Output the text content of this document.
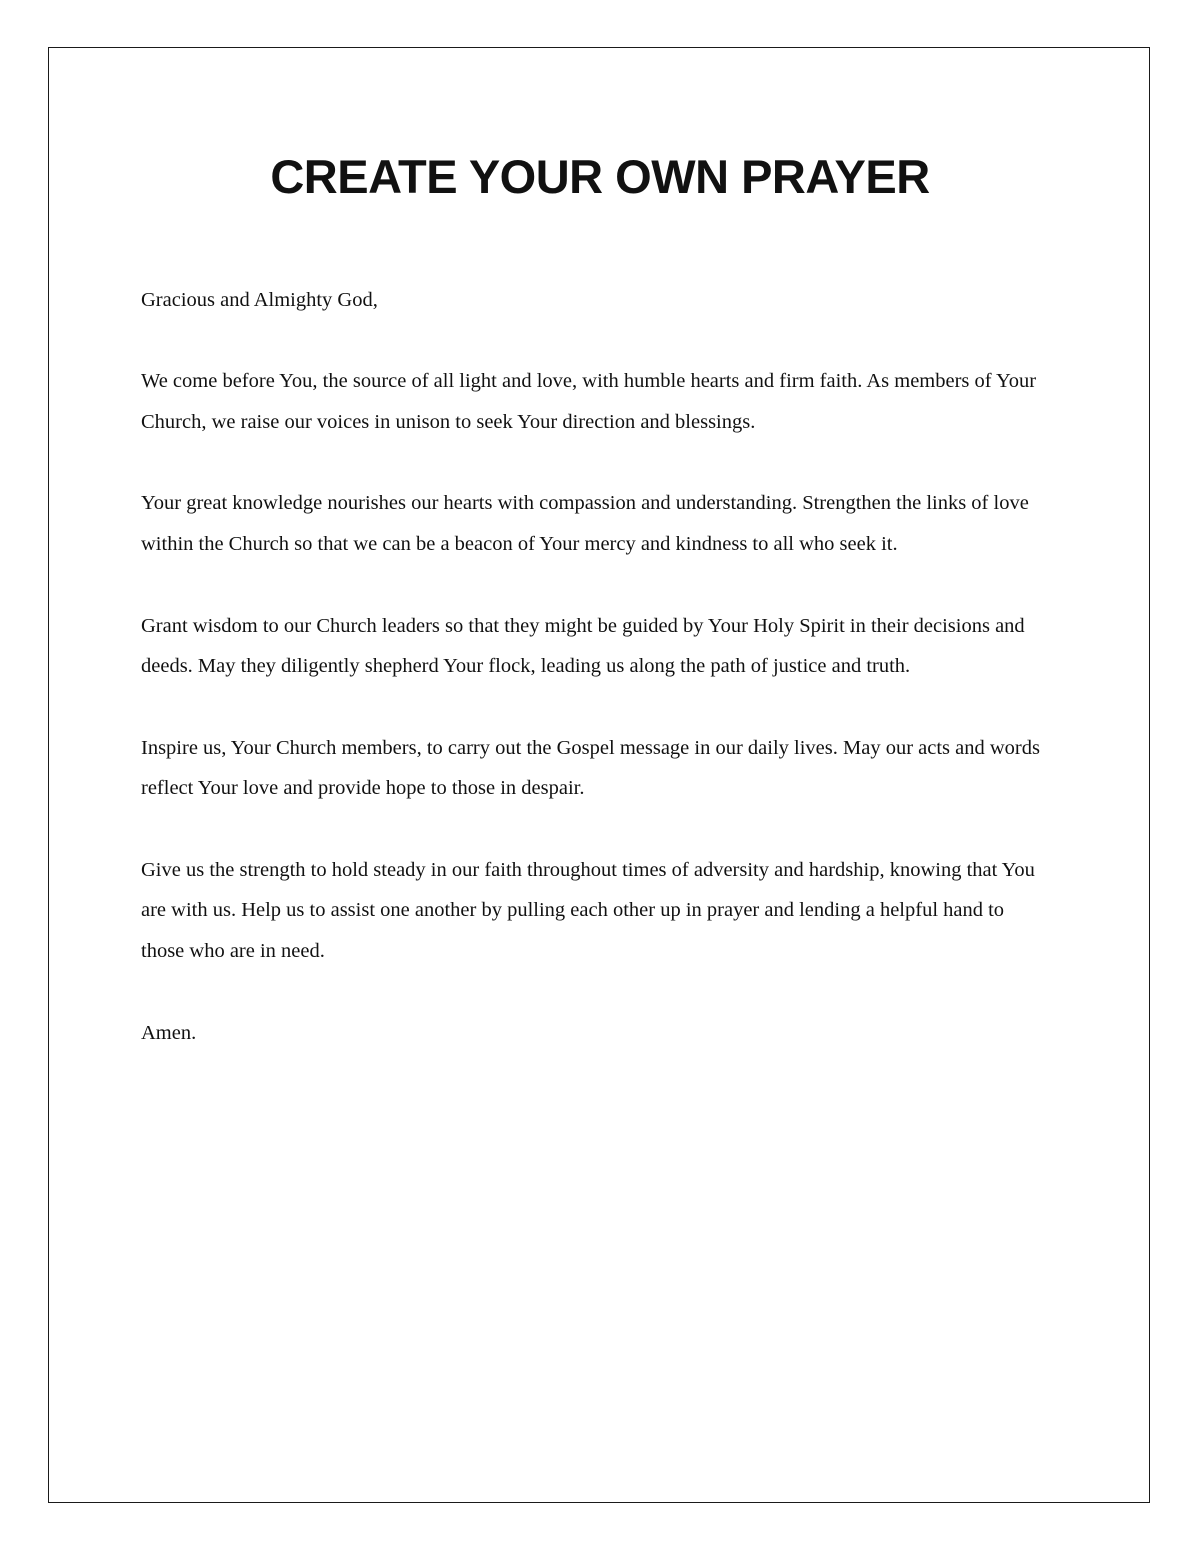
CREATE YOUR OWN PRAYER

Gracious and Almighty God,

We come before You, the source of all light and love, with humble hearts and firm faith. As members of Your Church, we raise our voices in unison to seek Your direction and blessings.

Your great knowledge nourishes our hearts with compassion and understanding. Strengthen the links of love within the Church so that we can be a beacon of Your mercy and kindness to all who seek it.

Grant wisdom to our Church leaders so that they might be guided by Your Holy Spirit in their decisions and deeds. May they diligently shepherd Your flock, leading us along the path of justice and truth.

Inspire us, Your Church members, to carry out the Gospel message in our daily lives. May our acts and words reflect Your love and provide hope to those in despair.

Give us the strength to hold steady in our faith throughout times of adversity and hardship, knowing that You are with us. Help us to assist one another by pulling each other up in prayer and lending a helpful hand to those who are in need.

Amen.
